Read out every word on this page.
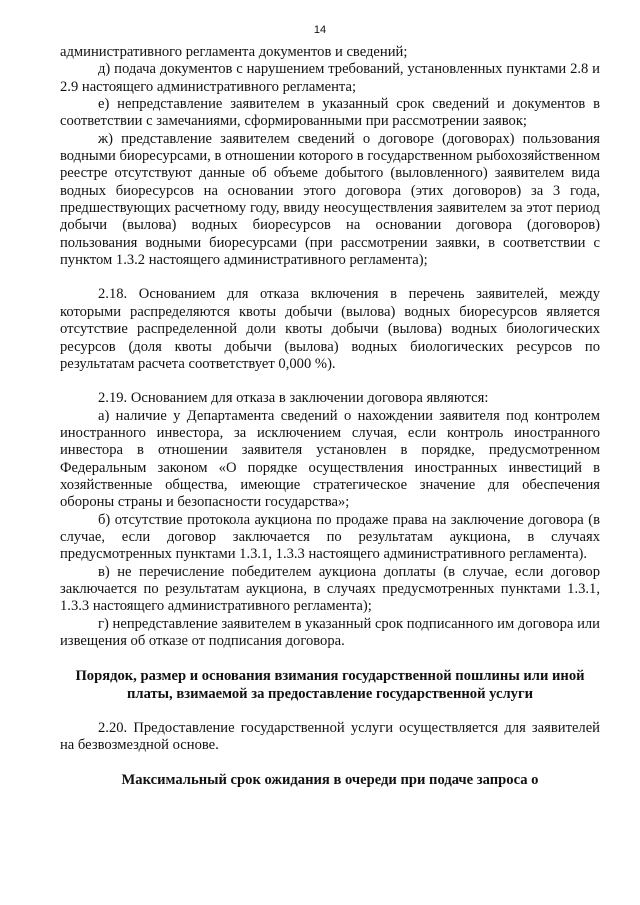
14

административного регламента документов и сведений;

д) подача документов с нарушением требований, установленных пунктами 2.8 и 2.9 настоящего административного регламента;

е) непредставление заявителем в указанный срок сведений и документов в соответствии с замечаниями, сформированными при рассмотрении заявок;

ж) представление заявителем сведений о договоре (договорах) пользования водными биоресурсами, в отношении которого в государственном рыбохозяйственном реестре отсутствуют данные об объеме добытого (выловленного) заявителем вида водных биоресурсов на основании этого договора (этих договоров) за 3 года, предшествующих расчетному году, ввиду неосуществления заявителем за этот период добычи (вылова) водных биоресурсов на основании договора (договоров) пользования водными биоресурсами (при рассмотрении заявки, в соответствии с пунктом 1.3.2 настоящего административного регламента);

2.18. Основанием для отказа включения в перечень заявителей, между которыми распределяются квоты добычи (вылова) водных биоресурсов является отсутствие распределенной доли квоты добычи (вылова) водных биологических ресурсов (доля квоты добычи (вылова) водных биологических ресурсов по результатам расчета соответствует 0,000 %).

2.19. Основанием для отказа в заключении договора являются:

а) наличие у Департамента сведений о нахождении заявителя под контролем иностранного инвестора, за исключением случая, если контроль иностранного инвестора в отношении заявителя установлен в порядке, предусмотренном Федеральным законом «О порядке осуществления иностранных инвестиций в хозяйственные общества, имеющие стратегическое значение для обеспечения обороны страны и безопасности государства»;

б) отсутствие протокола аукциона по продаже права на заключение договора (в случае, если договор заключается по результатам аукциона, в случаях предусмотренных пунктами 1.3.1, 1.3.3 настоящего административного регламента).

в) не перечисление победителем аукциона доплаты (в случае, если договор заключается по результатам аукциона, в случаях предусмотренных пунктами 1.3.1, 1.3.3 настоящего административного регламента);

г) непредставление заявителем в указанный срок подписанного им договора или извещения об отказе от подписания договора.

Порядок, размер и основания взимания государственной пошлины или иной платы, взимаемой за предоставление государственной услуги

2.20. Предоставление государственной услуги осуществляется для заявителей на безвозмездной основе.

Максимальный срок ожидания в очереди при подаче запроса о
